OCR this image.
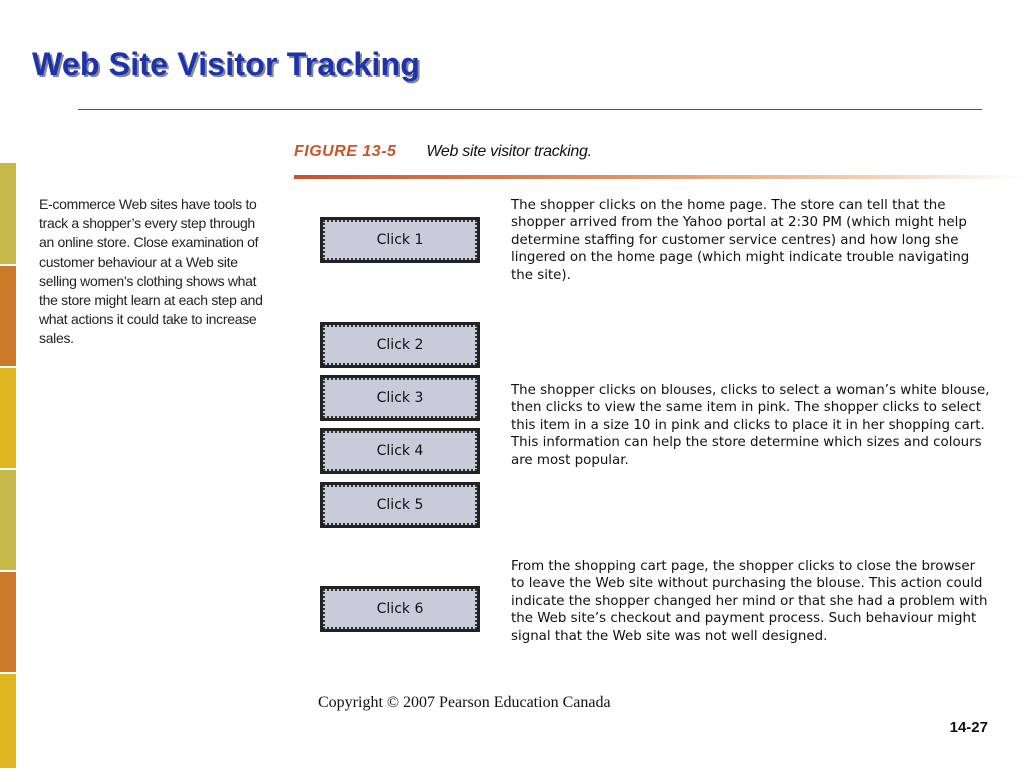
Web Site Visitor Tracking
FIGURE 13-5 Web site visitor tracking.
E-commerce Web sites have tools to track a shopper’s every step through an online store. Close examination of customer behaviour at a Web site selling women’s clothing shows what the store might learn at each step and what actions it could take to increase sales.
Click 1
Click 2
Click 3
Click 4
Click 5
Click 6
The shopper clicks on the home page. The store can tell that the shopper arrived from the Yahoo portal at 2:30 PM (which might help determine staffing for customer service centres) and how long she lingered on the home page (which might indicate trouble navigating the site).
The shopper clicks on blouses, clicks to select a woman’s white blouse, then clicks to view the same item in pink. The shopper clicks to select this item in a size 10 in pink and clicks to place it in her shopping cart. This information can help the store determine which sizes and colours are most popular.
From the shopping cart page, the shopper clicks to close the browser to leave the Web site without purchasing the blouse. This action could indicate the shopper changed her mind or that she had a problem with the Web site’s checkout and payment process. Such behaviour might signal that the Web site was not well designed.
Copyright © 2007 Pearson Education Canada
14-27
